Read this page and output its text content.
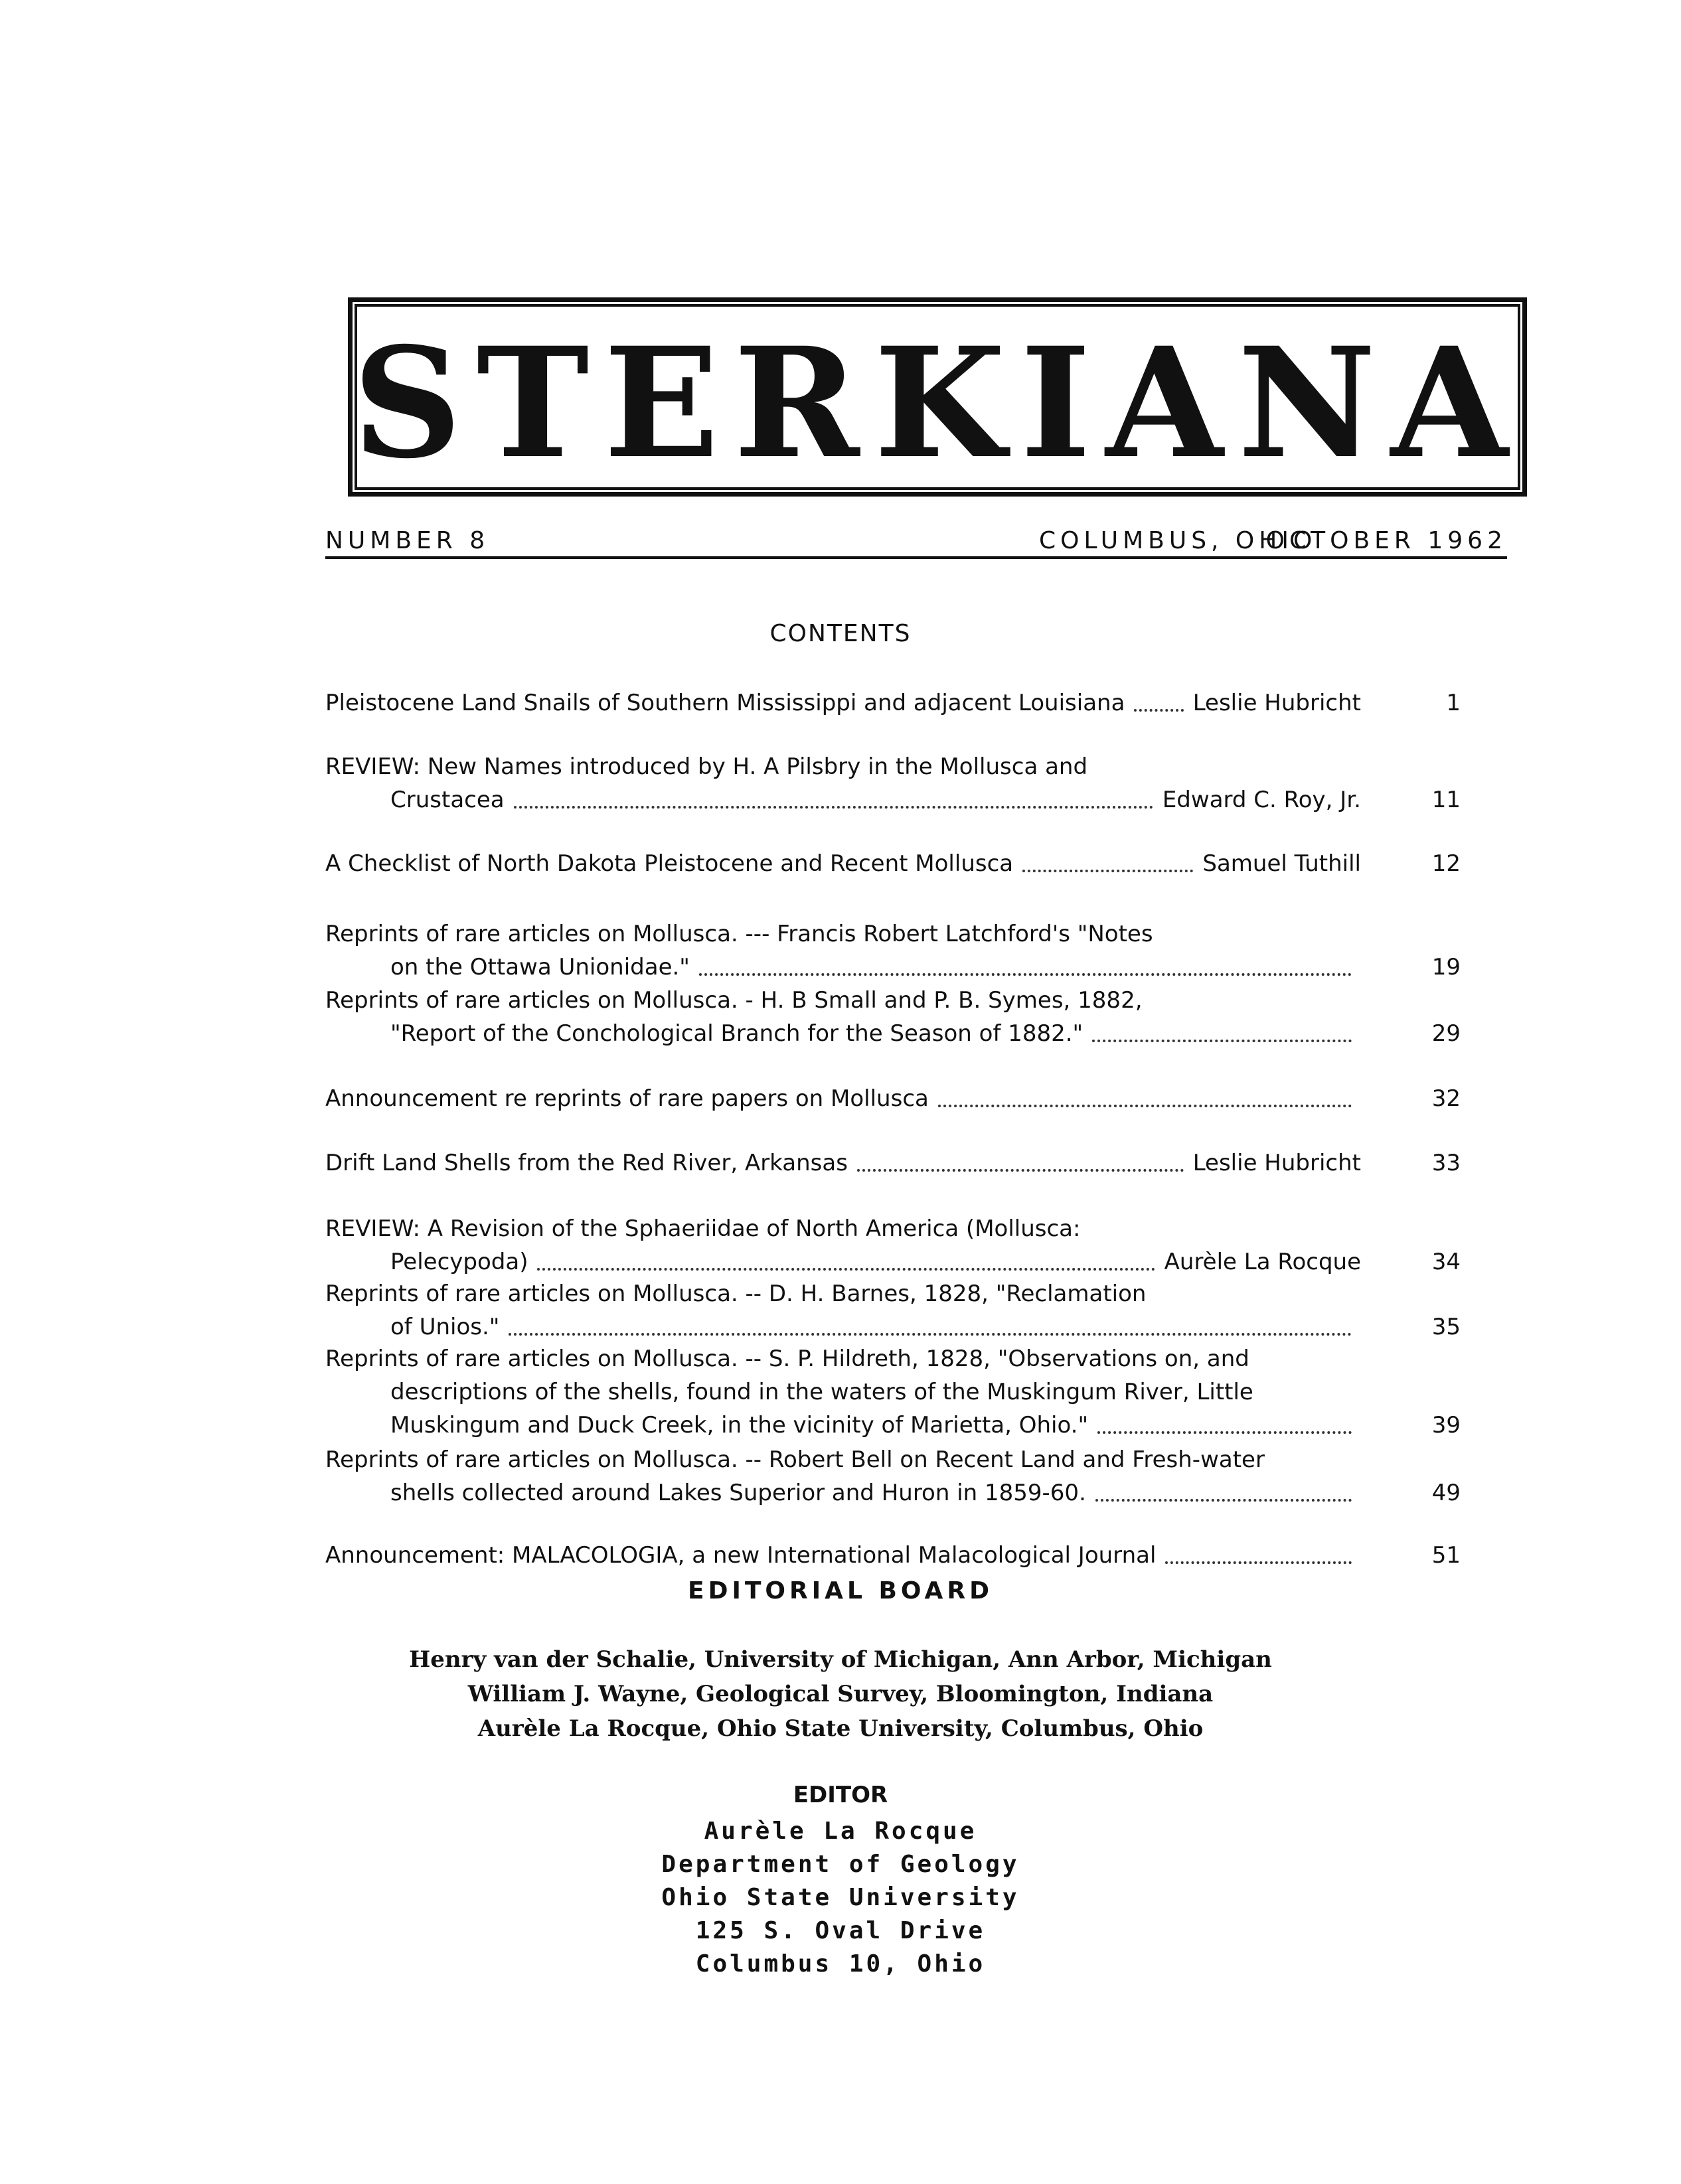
STERKIANA
NUMBER 8	COLUMBUS, OHIO
OCTOBER 1962
CONTENTS
Pleistocene Land Snails of Southern Mississippi and adjacent Louisiana	Leslie Hubricht	1
REVIEW: New Names introduced by H. A Pilsbry in the Mollusca and
Crustacea	Edward C. Roy, Jr.	11
A Checklist of North Dakota Pleistocene and Recent Mollusca	Samuel Tuthill	12
Reprints of rare articles on Mollusca. --- Francis Robert Latchford's "Notes
on the Ottawa Unionidae."	19
Reprints of rare articles on Mollusca. - H. B Small and P. B. Symes, 1882,
"Report of the Conchological Branch for the Season of 1882."	29
Announcement re reprints of rare papers on Mollusca	32
Drift Land Shells from the Red River, Arkansas	Leslie Hubricht	33
REVIEW: A Revision of the Sphaeriidae of North America (Mollusca:
Pelecypoda)	Aurèle La Rocque	34
Reprints of rare articles on Mollusca. -- D. H. Barnes, 1828, "Reclamation
of Unios."	35
Reprints of rare articles on Mollusca. -- S. P. Hildreth, 1828, "Observations on, and
descriptions of the shells, found in the waters of the Muskingum River, Little
Muskingum and Duck Creek, in the vicinity of Marietta, Ohio."	39
Reprints of rare articles on Mollusca. -- Robert Bell on Recent Land and Fresh-water
shells collected around Lakes Superior and Huron in 1859-60.	49
Announcement: MALACOLOGIA, a new International Malacological Journal	51
EDITORIAL BOARD
Henry van der Schalie, University of Michigan, Ann Arbor, Michigan
William J. Wayne, Geological Survey, Bloomington, Indiana
Aurèle La Rocque, Ohio State University, Columbus, Ohio
EDITOR
Aurèle La Rocque
Department of Geology
Ohio State University
125 S. Oval Drive
Columbus 10, Ohio
